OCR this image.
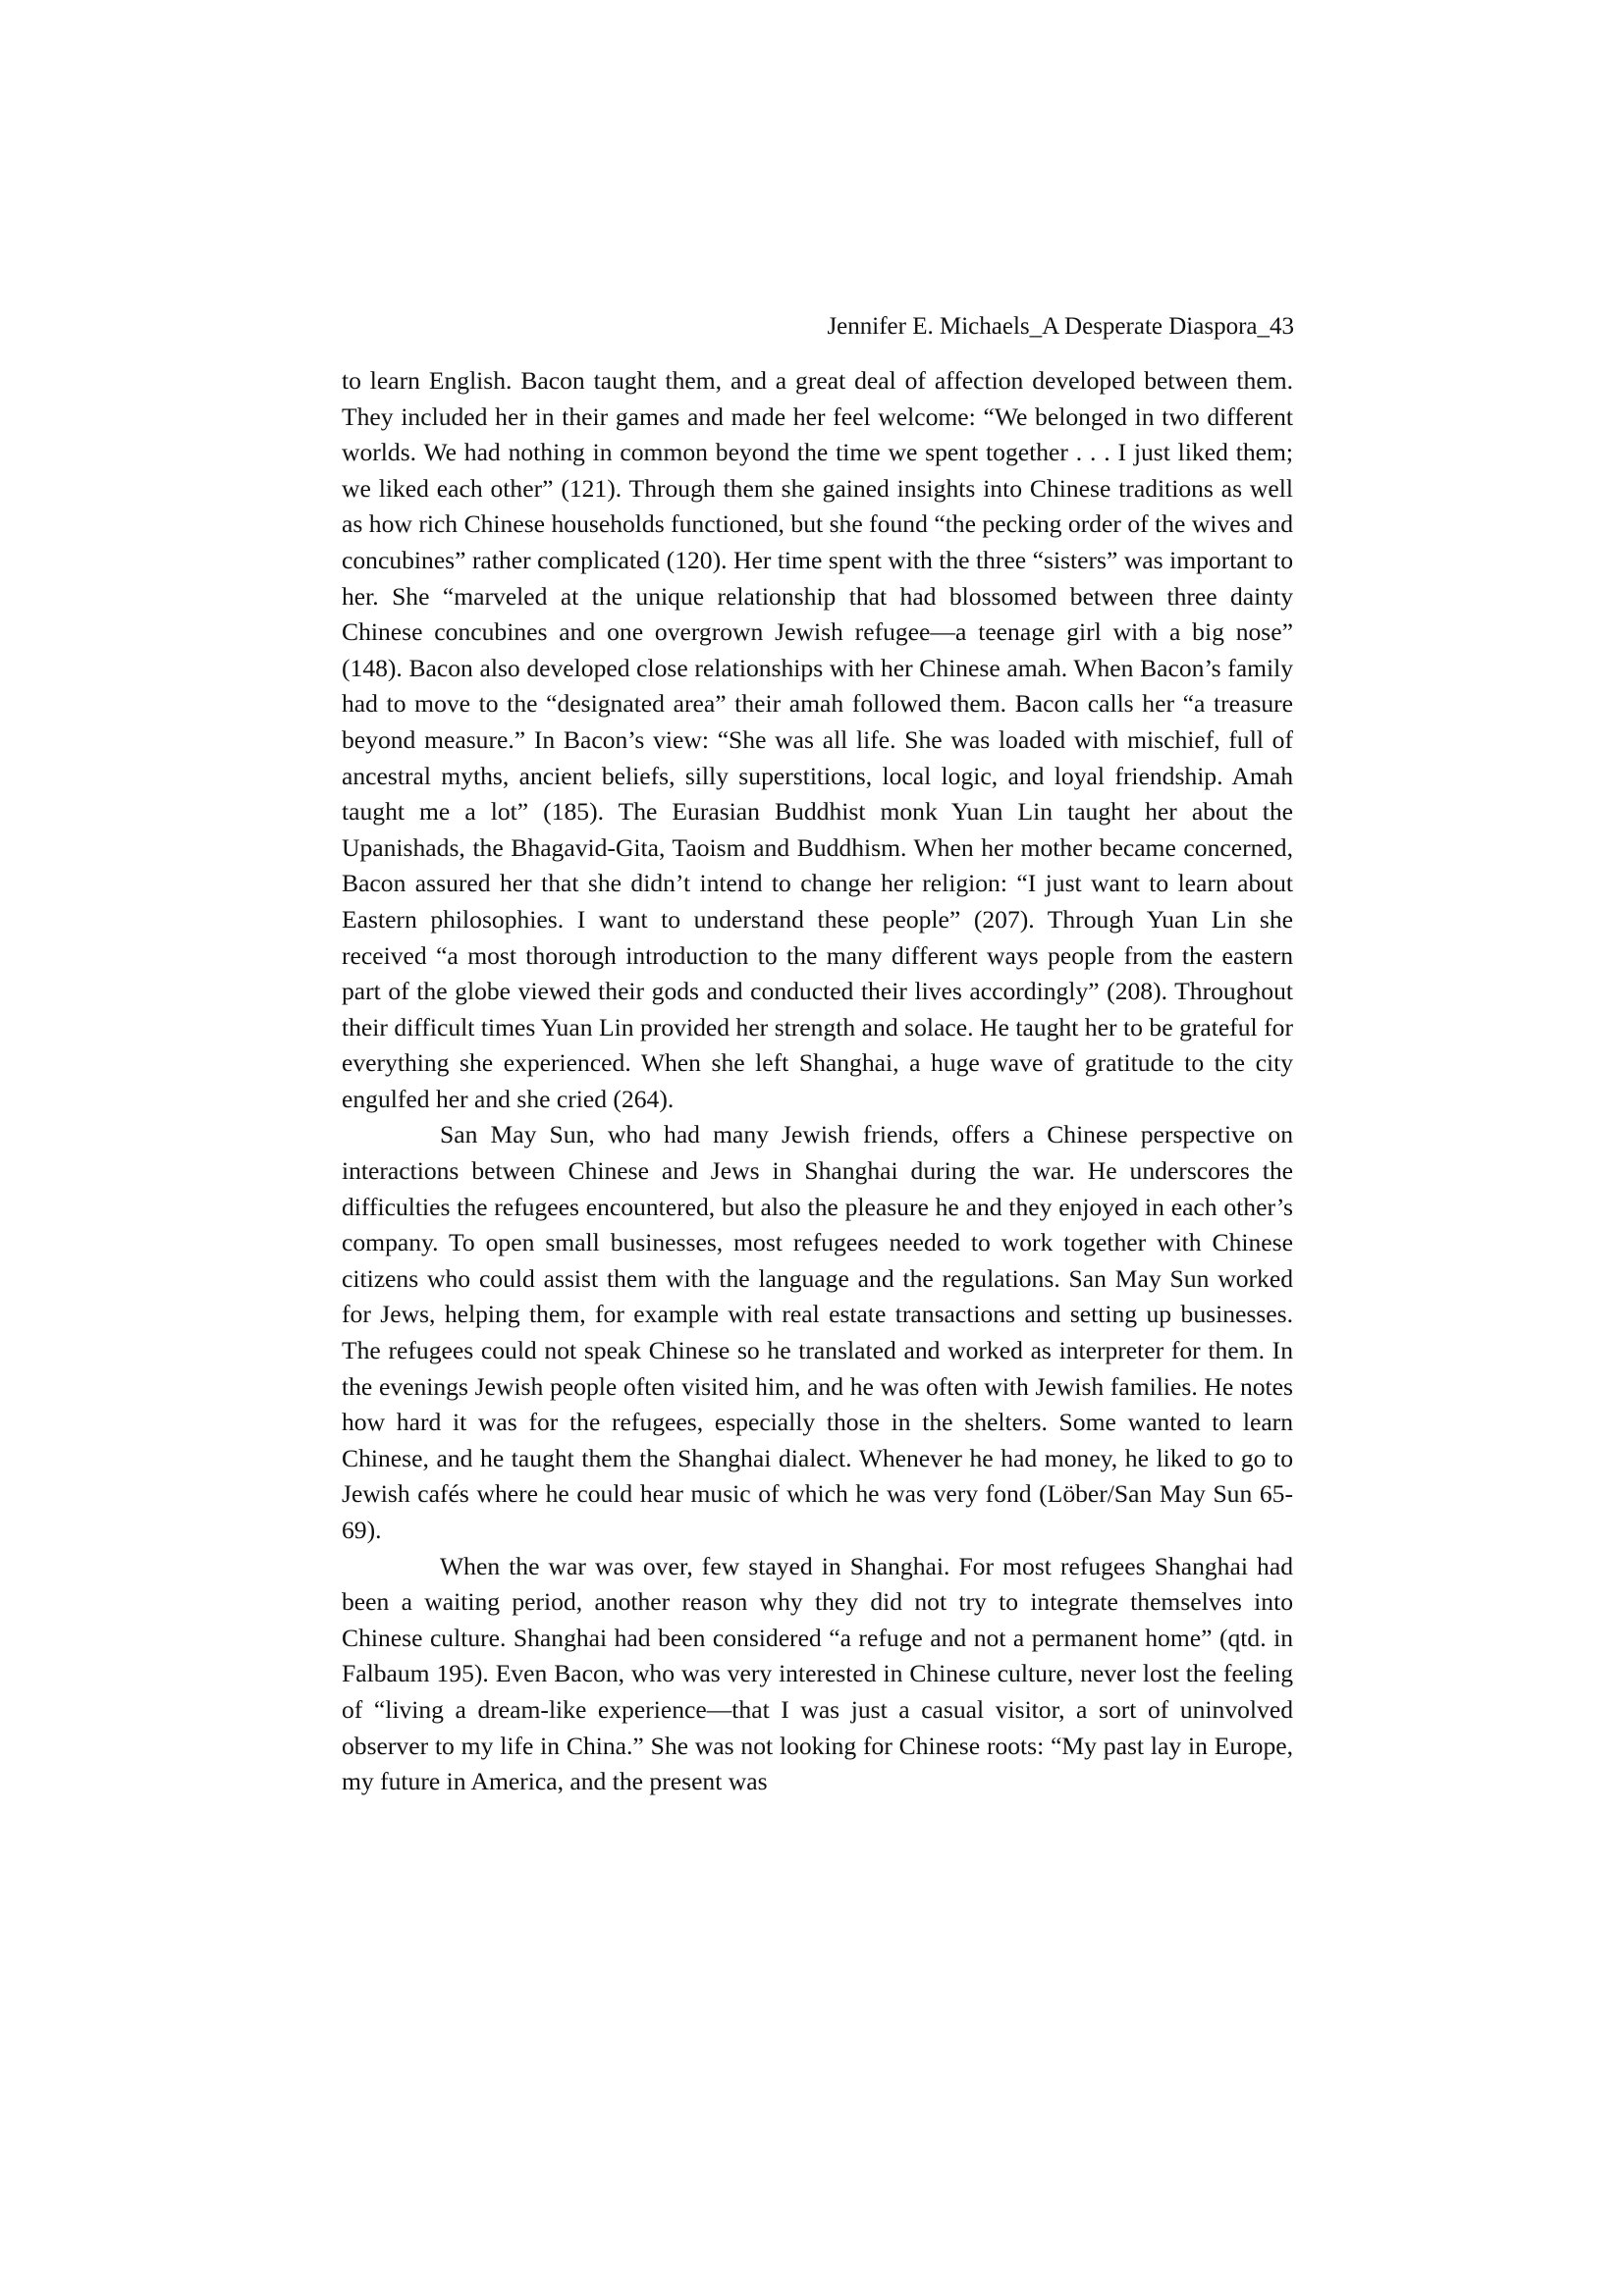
Jennifer E. Michaels_A Desperate Diaspora_43

to learn English. Bacon taught them, and a great deal of affection developed between them. They included her in their games and made her feel welcome: “We belonged in two different worlds. We had nothing in common beyond the time we spent together . . . I just liked them; we liked each other” (121). Through them she gained insights into Chinese traditions as well as how rich Chinese households functioned, but she found “the pecking order of the wives and concubines” rather complicated (120). Her time spent with the three “sisters” was important to her. She “marveled at the unique relationship that had blossomed between three dainty Chinese concubines and one overgrown Jewish refugee—a teenage girl with a big nose” (148). Bacon also developed close relationships with her Chinese amah. When Bacon’s family had to move to the “designated area” their amah followed them. Bacon calls her “a treasure beyond measure.” In Bacon’s view: “She was all life. She was loaded with mischief, full of ancestral myths, ancient beliefs, silly superstitions, local logic, and loyal friendship. Amah taught me a lot” (185). The Eurasian Buddhist monk Yuan Lin taught her about the Upanishads, the Bhagavid-Gita, Taoism and Buddhism. When her mother became concerned, Bacon assured her that she didn’t intend to change her religion: “I just want to learn about Eastern philosophies. I want to understand these people” (207). Through Yuan Lin she received “a most thorough introduction to the many different ways people from the eastern part of the globe viewed their gods and conducted their lives accordingly” (208). Throughout their difficult times Yuan Lin provided her strength and solace. He taught her to be grateful for everything she experienced. When she left Shanghai, a huge wave of gratitude to the city engulfed her and she cried (264).

San May Sun, who had many Jewish friends, offers a Chinese perspective on interactions between Chinese and Jews in Shanghai during the war. He underscores the difficulties the refugees encountered, but also the pleasure he and they enjoyed in each other’s company. To open small businesses, most refugees needed to work together with Chinese citizens who could assist them with the language and the regulations. San May Sun worked for Jews, helping them, for example with real estate transactions and setting up businesses. The refugees could not speak Chinese so he translated and worked as interpreter for them. In the evenings Jewish people often visited him, and he was often with Jewish families. He notes how hard it was for the refugees, especially those in the shelters. Some wanted to learn Chinese, and he taught them the Shanghai dialect. Whenever he had money, he liked to go to Jewish cafés where he could hear music of which he was very fond (Löber/San May Sun 65-69).

When the war was over, few stayed in Shanghai. For most refugees Shanghai had been a waiting period, another reason why they did not try to integrate themselves into Chinese culture. Shanghai had been considered “a refuge and not a permanent home” (qtd. in Falbaum 195). Even Bacon, who was very interested in Chinese culture, never lost the feeling of “living a dream-like experience—that I was just a casual visitor, a sort of uninvolved observer to my life in China.” She was not looking for Chinese roots: “My past lay in Europe, my future in America, and the present was
